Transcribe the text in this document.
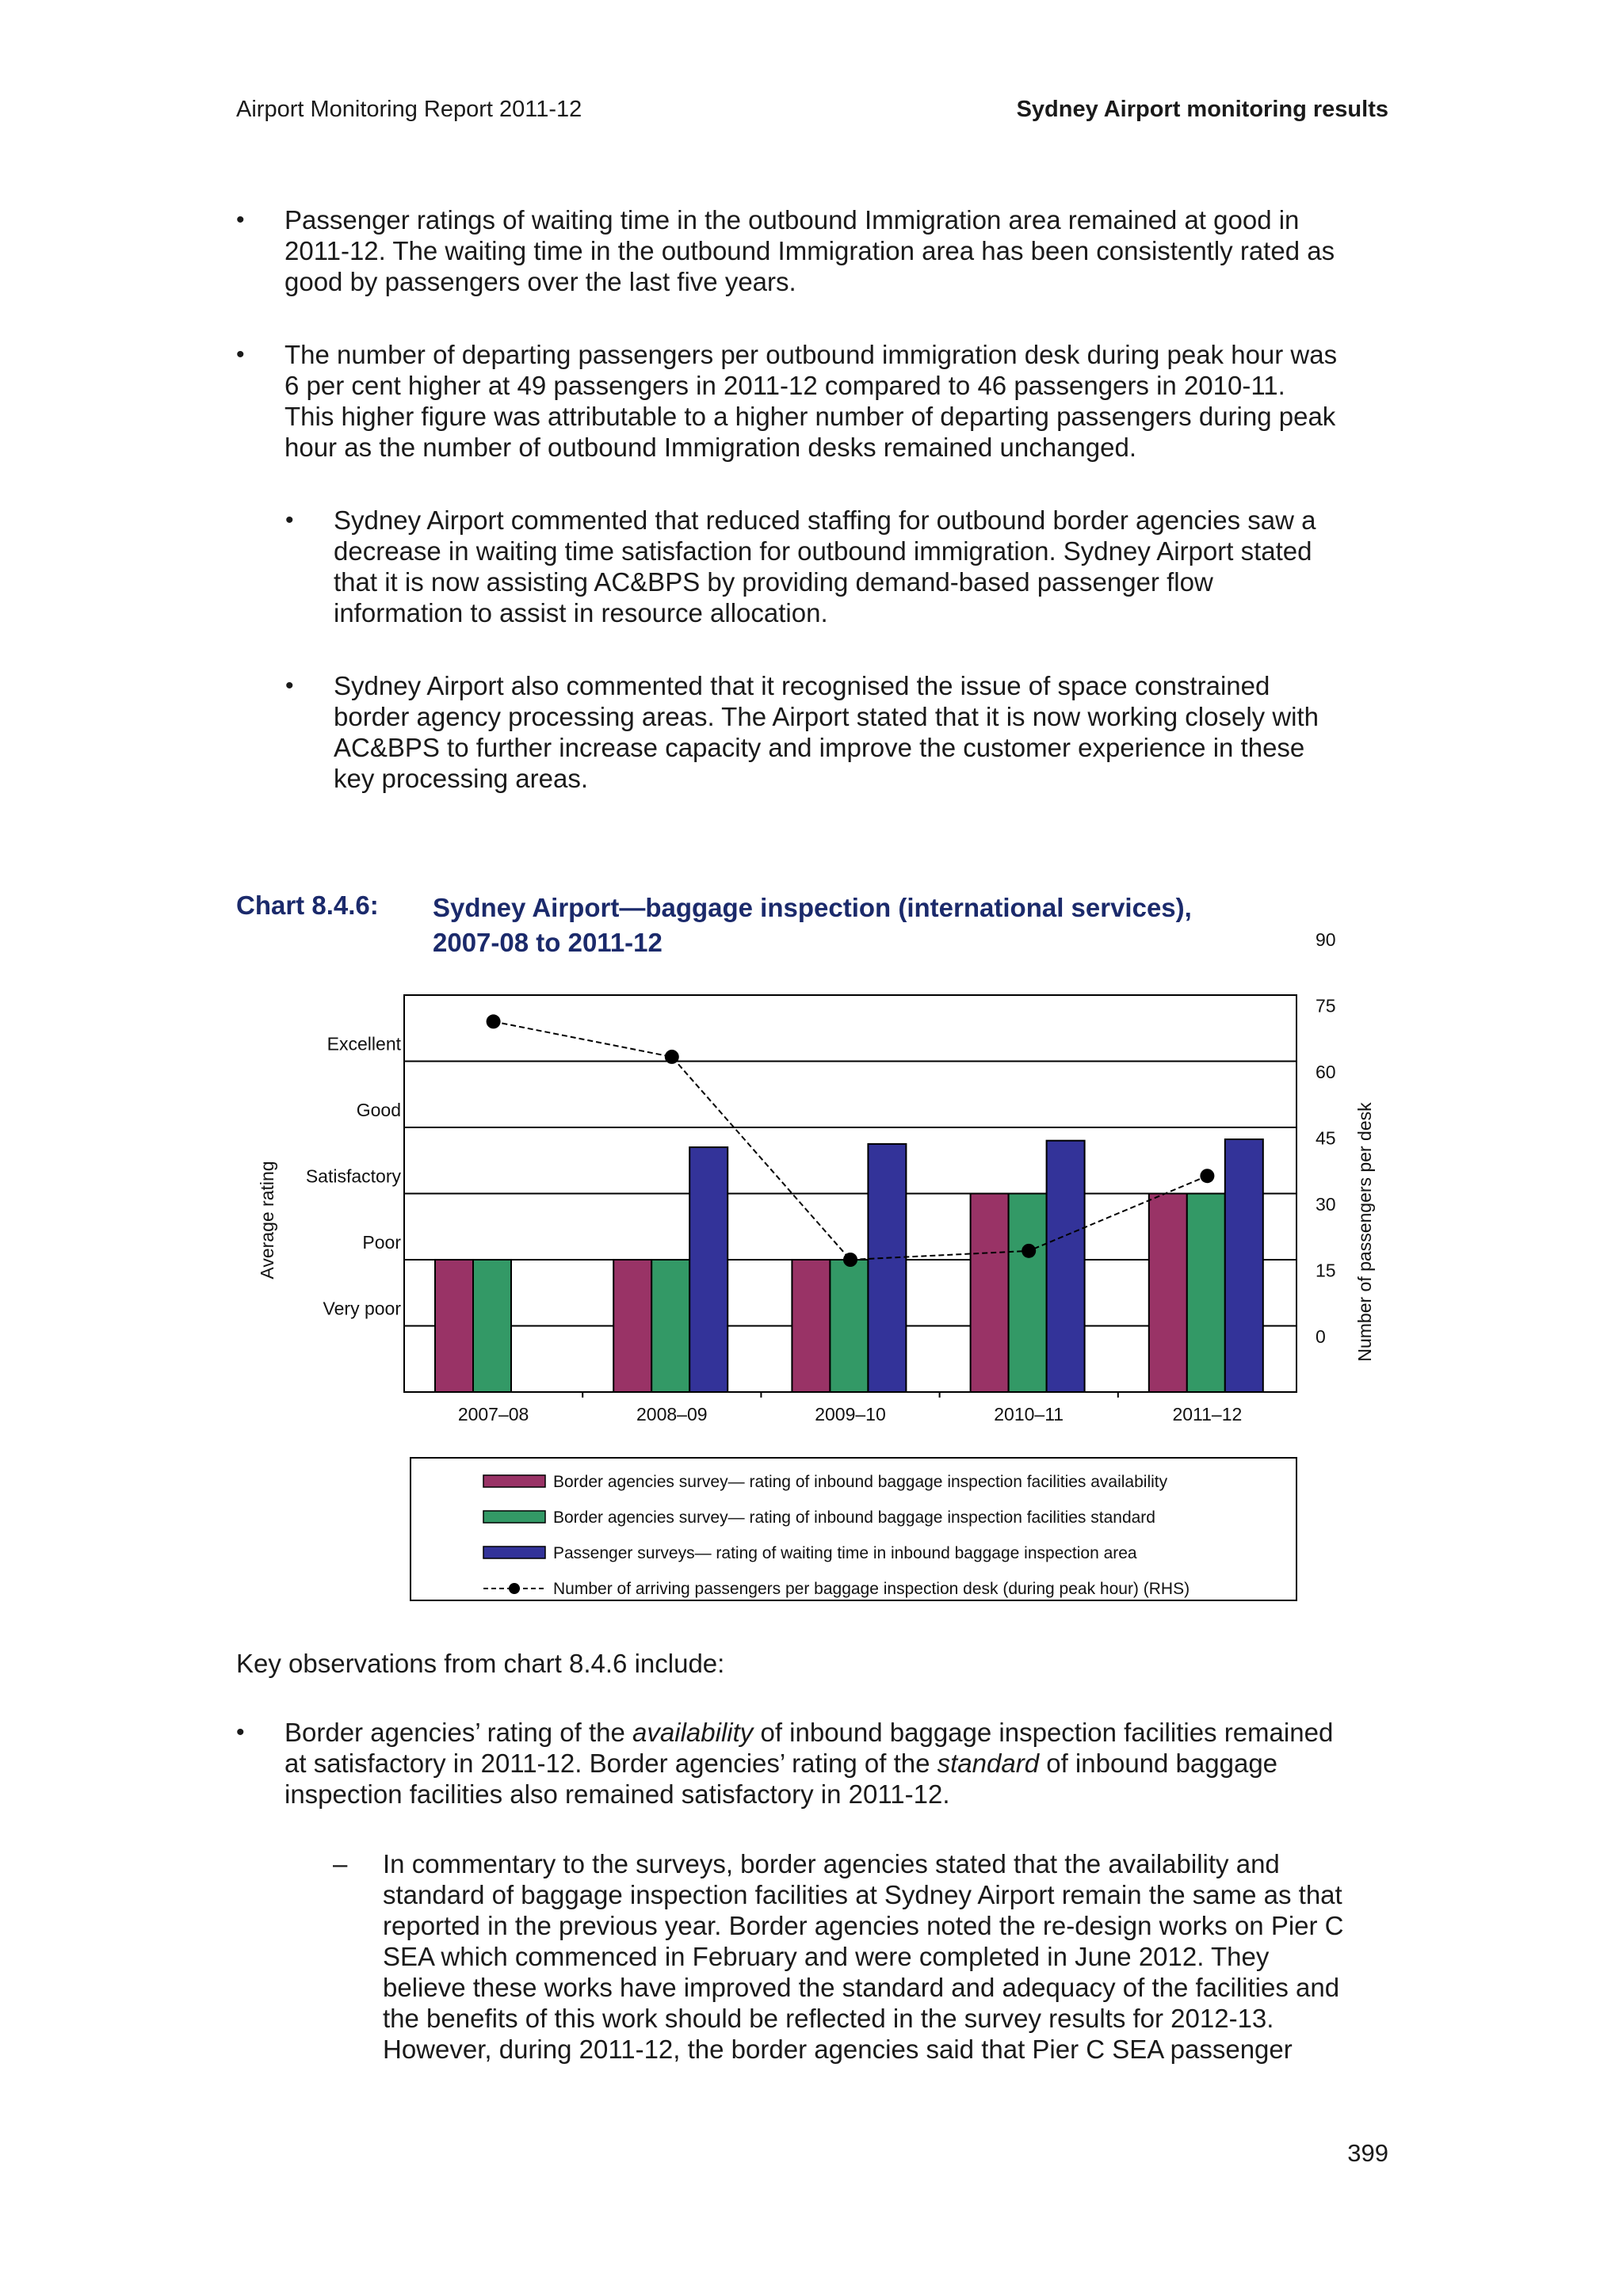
Airport Monitoring Report 2011-12	Sydney Airport monitoring results
• Passenger ratings of waiting time in the outbound Immigration area remained at good in
2011-12. The waiting time in the outbound Immigration area has been consistently rated as
good by passengers over the last five years.
• The number of departing passengers per outbound immigration desk during peak hour was
6 per cent higher at 49 passengers in 2011-12 compared to 46 passengers in 2010-11.
This higher figure was attributable to a higher number of departing passengers during peak
hour as the number of outbound Immigration desks remained unchanged.
• Sydney Airport commented that reduced staffing for outbound border agencies saw a
decrease in waiting time satisfaction for outbound immigration. Sydney Airport stated
that it is now assisting AC&BPS by providing demand-based passenger flow
information to assist in resource allocation.
• Sydney Airport also commented that it recognised the issue of space constrained
border agency processing areas. The Airport stated that it is now working closely with
AC&BPS to further increase capacity and improve the customer experience in these
key processing areas.
Chart 8.4.6: Sydney Airport—baggage inspection (international services),
2007-08 to 2011-12
Very poor
Poor
Satisfactory
Good
Excellent
0
15
30
45
60
75
90
Average rating	Number of passengers per desk
2007–08	2008–09	2009–10	2010–11	2011–12
Border agencies survey— rating of inbound baggage inspection facilities availability
Border agencies survey— rating of inbound baggage inspection facilities standard
Passenger surveys— rating of waiting time in inbound baggage inspection area
Number of arriving passengers per baggage inspection desk (during peak hour) (RHS)
Key observations from chart 8.4.6 include:
• Border agencies’ rating of the availability of inbound baggage inspection facilities remained
at satisfactory in 2011-12. Border agencies’ rating of the standard of inbound baggage
inspection facilities also remained satisfactory in 2011-12.
– In commentary to the surveys, border agencies stated that the availability and
standard of baggage inspection facilities at Sydney Airport remain the same as that
reported in the previous year. Border agencies noted the re-design works on Pier C
SEA which commenced in February and were completed in June 2012. They
believe these works have improved the standard and adequacy of the facilities and
the benefits of this work should be reflected in the survey results for 2012-13.
However, during 2011-12, the border agencies said that Pier C SEA passenger
399
